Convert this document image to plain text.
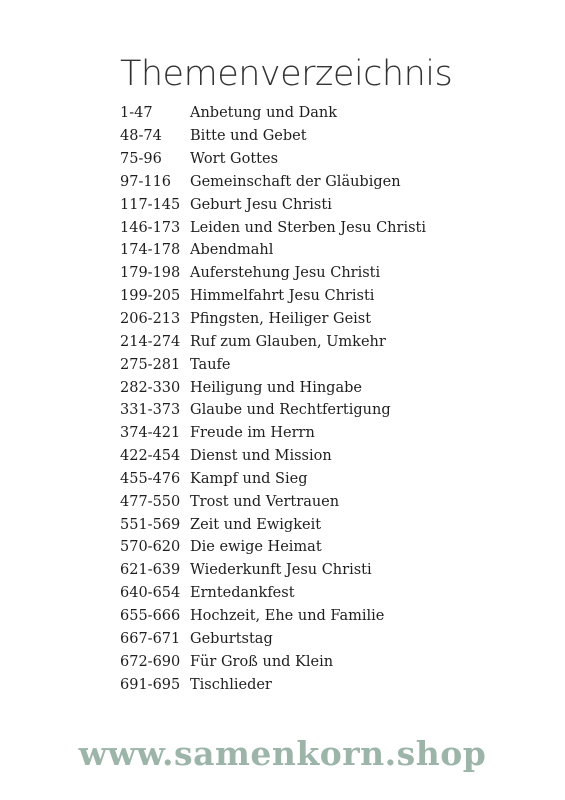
Themenverzeichnis
1-47	Anbetung und Dank
48-74	Bitte und Gebet
75-96	Wort Gottes
97-116	Gemeinschaft der Gläubigen
117-145 Geburt Jesu Christi
146-173 Leiden und Sterben Jesu Christi
174-178 Abendmahl
179-198 Auferstehung Jesu Christi
199-205 Himmelfahrt Jesu Christi
206-213 Pfingsten, Heiliger Geist
214-274 Ruf zum Glauben, Umkehr
275-281 Taufe
282-330 Heiligung und Hingabe
331-373 Glaube und Rechtfertigung
374-421 Freude im Herrn
422-454 Dienst und Mission
455-476 Kampf und Sieg
477-550 Trost und Vertrauen
551-569 Zeit und Ewigkeit
570-620 Die ewige Heimat
621-639 Wiederkunft Jesu Christi
640-654 Erntedankfest
655-666 Hochzeit, Ehe und Familie
667-671 Geburtstag
672-690 Für Groß und Klein
691-695 Tischlieder
www.samenkorn.shop
